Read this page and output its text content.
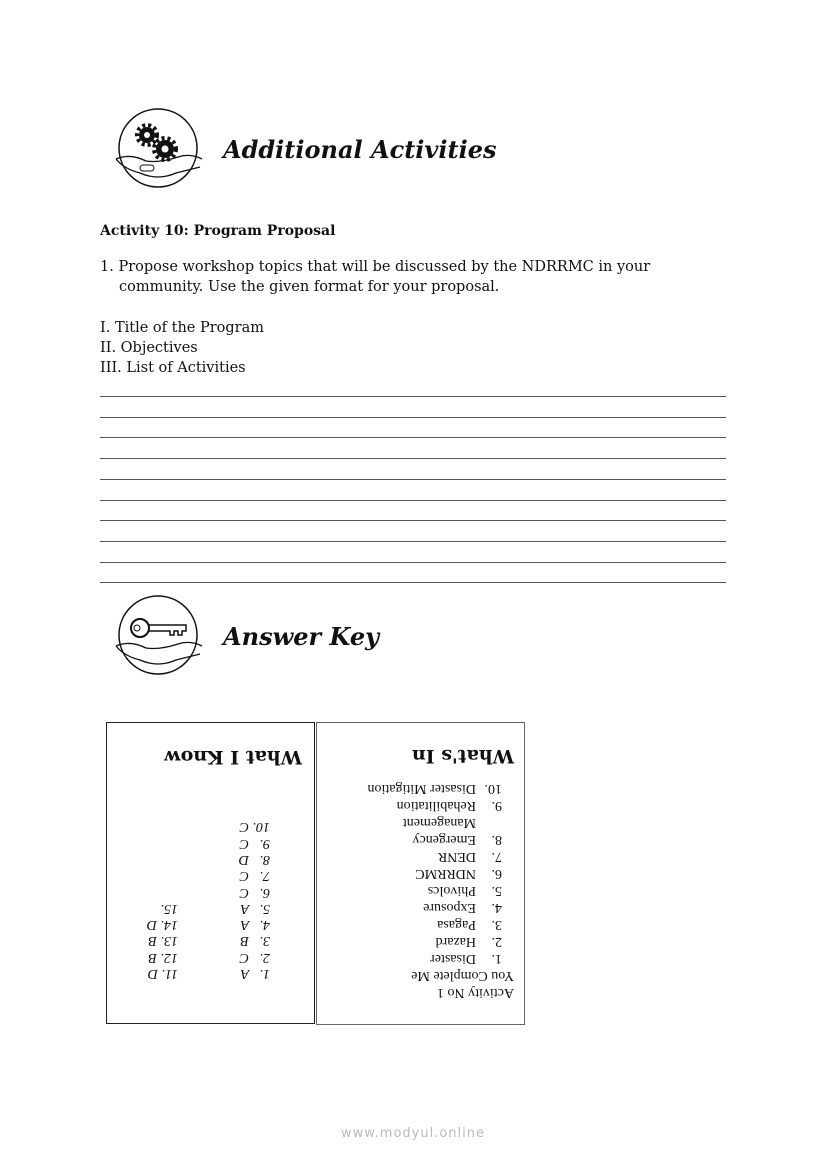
Additional Activities
Activity 10: Program Proposal
1. Propose workshop topics that will be discussed by the NDRRMC in your
community. Use the given format for your proposal.
I. Title of the Program
II. Objectives
III. List of Activities
Answer Key
What I Know
1.   A
2.   C
3.   B
4.   A
5.   A
6.   C
7.   C
8.   D
9.   C
10. C
11. D
12. B
13. B
14. D
15.
What's In
Activity No 1
You Complete Me
1.Disaster
2.Hazard
3.Pagasa
4.Exposure
5.Phivolcs
6.NDRRMC
7.DENR
8.Emergency
Management
9.Rehabilitation
10.Disaster Mitigation
www.modyul.online
